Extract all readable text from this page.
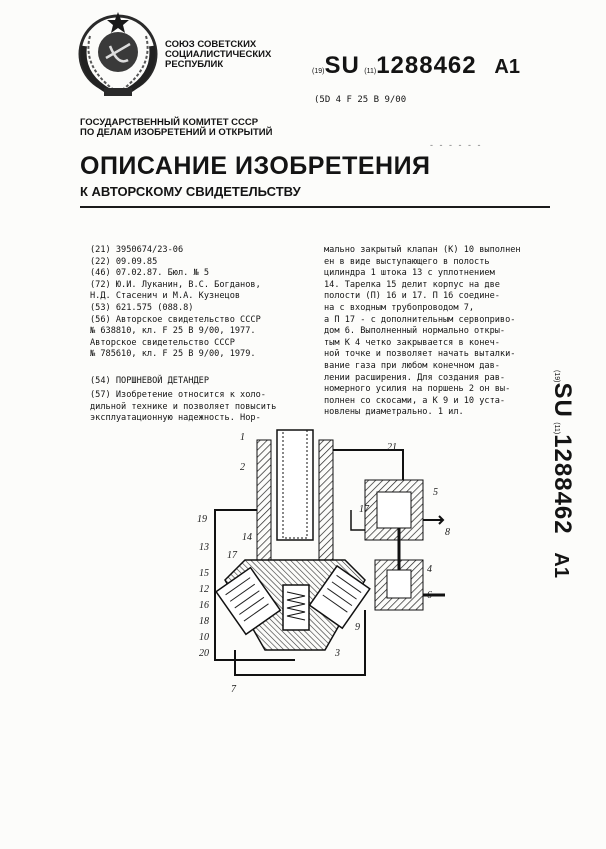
СОЮЗ СОВЕТСКИХ
СОЦИАЛИСТИЧЕСКИХ
РЕСПУБЛИК
(19)SU (11)1288462 A1
(5D 4 F 25 В 9/00
- - - - - -
ГОСУДАРСТВЕННЫЙ КОМИТЕТ СССР
ПО ДЕЛАМ ИЗОБРЕТЕНИЙ И ОТКРЫТИЙ
ОПИСАНИЕ ИЗОБРЕТЕНИЯ
К АВТОРСКОМУ СВИДЕТЕЛЬСТВУ
(21) 3950674/23-06
(22) 09.09.85
(46) 07.02.87. Бюл. № 5
(72) Ю.И. Луканин, В.С. Богданов,
Н.Д. Стасенич и М.А. Кузнецов
(53) 621.575 (088.8)
(56) Авторское свидетельство СССР
№ 638810, кл. F 25 В 9/00, 1977.
Авторское свидетельство СССР
№ 785610, кл. F 25 В 9/00, 1979.
(54) ПОРШНЕВОЙ ДЕТАНДЕР
(57) Изобретение относится к холо-
дильной технике и позволяет повысить
эксплуатационную надежность. Нор-
мально закрытый клапан (К) 10 выполнен
ен в виде выступающего в полость
цилиндра 1 штока 13 с уплотнением
14. Тарелка 15 делит корпус на две
полости (П) 16 и 17. П 16 соедине-
на с входным трубопроводом 7,
а П 17 - с дополнительным сервоприво-
дом 6. Выполненный нормально откры-
тым К 4 четко закрывается в конеч-
ной точке и позволяет начать выталки-
вание газа при любом конечном дав-
лении расширения. Для создания рав-
номерного усилия на поршень 2 он вы-
полнен со скосами, а К 9 и 10 уста-
новлены диаметрально. 1 ил.
(19)SU (11)1288462    A1
1
2
21
5
17
8
4
6
19
14
13
17
15
12
16
18
10
20	3
9
7
